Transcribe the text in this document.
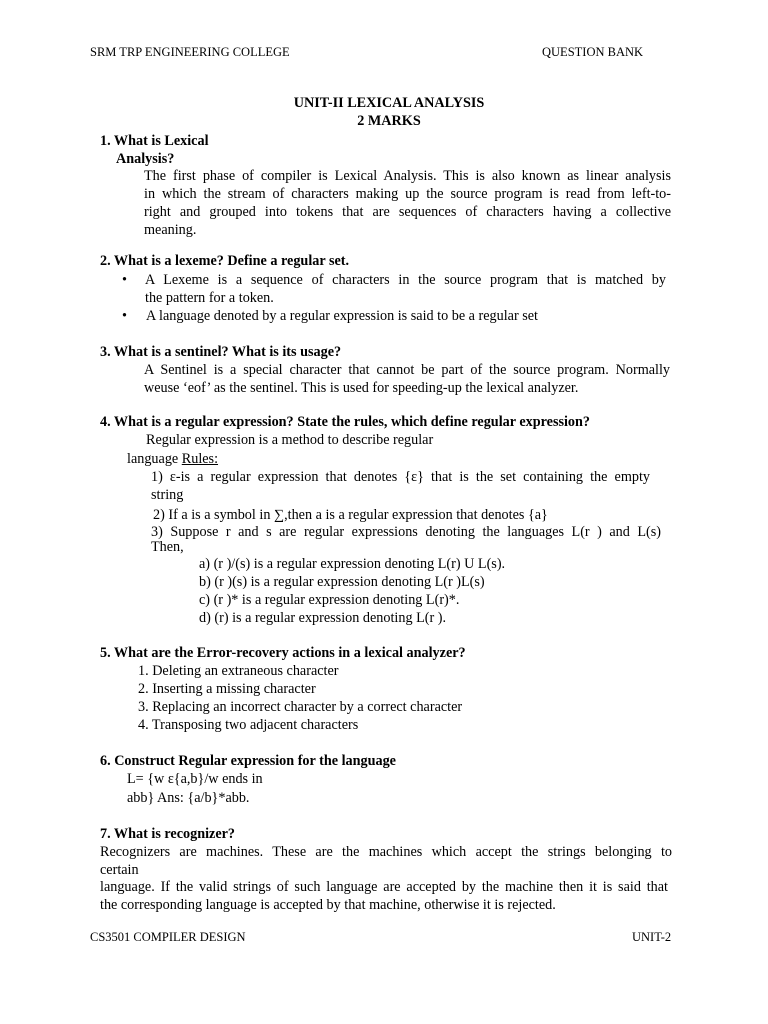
SRM TRP ENGINEERING COLLEGE	QUESTION BANK
UNIT-II LEXICAL ANALYSIS
2 MARKS
1. What is Lexical
Analysis?
The first phase of compiler is Lexical Analysis. This is also known as linear analysis
in which the stream of characters making up the source program is read from left-to-
right and grouped into tokens that are sequences of characters having a collective
meaning.
2. What is a lexeme? Define a regular set.
• A Lexeme is a sequence of characters in the source program that is matched by
the pattern for a token.
• A language denoted by a regular expression is said to be a regular set
3. What is a sentinel? What is its usage?
A Sentinel is a special character that cannot be part of the source program. Normally
weuse ‘eof’ as the sentinel. This is used for speeding-up the lexical analyzer.
4. What is a regular expression? State the rules, which define regular expression?
Regular expression is a method to describe regular
language Rules:
1) ε-is a regular expression that denotes {ε} that is the set containing the empty
string
2) If a is a symbol in ∑,then a is a regular expression that denotes {a}
3) Suppose r and s are regular expressions denoting the languages L(r ) and L(s)
Then,
a) (r )/(s) is a regular expression denoting L(r) U L(s).
b) (r )(s) is a regular expression denoting L(r )L(s)
c) (r )* is a regular expression denoting L(r)*.
d) (r) is a regular expression denoting L(r ).
5. What are the Error-recovery actions in a lexical analyzer?
1. Deleting an extraneous character
2. Inserting a missing character
3. Replacing an incorrect character by a correct character
4. Transposing two adjacent characters
6. Construct Regular expression for the language
L= {w ε{a,b}/w ends in
abb} Ans: {a/b}*abb.
7. What is recognizer?
Recognizers are machines. These are the machines which accept the strings belonging to
certain
language. If the valid strings of such language are accepted by the machine then it is said that
the corresponding language is accepted by that machine, otherwise it is rejected.
CS3501 COMPILER DESIGN	UNIT-2
